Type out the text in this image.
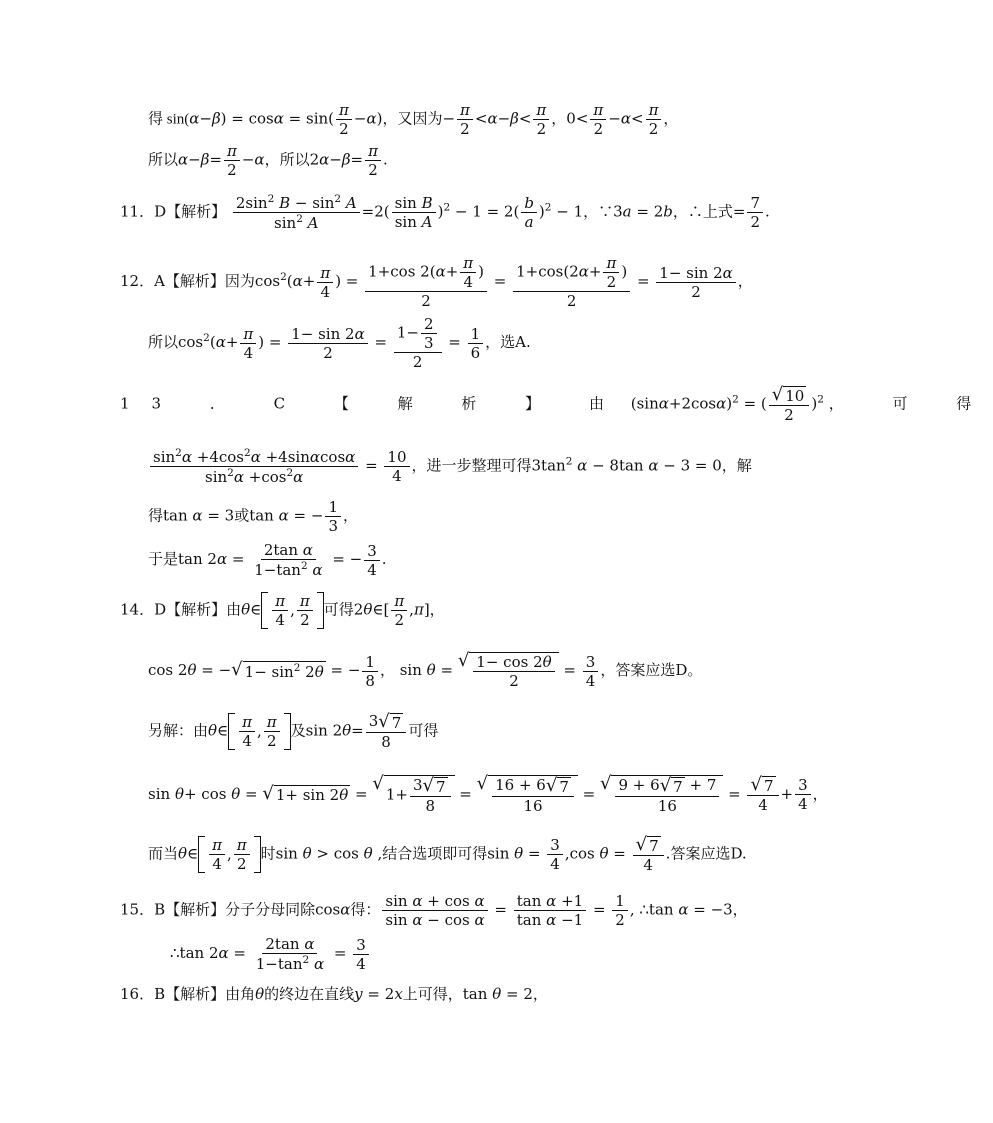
得 $\sin(\alpha-\beta) = \cos\alpha = \sin( \frac{\pi}{2} -\alpha)$，又因为− $\frac{\pi}{2} <\alpha-\beta< \frac{\pi}{2}$ ，$0< \frac{\pi}{2} -\alpha< \frac{\pi}{2}$ ，
所以$\alpha-\beta= \frac{\pi}{2} -\alpha$，所以$2\alpha-\beta= \frac{\pi}{2}$ .
11．D【解析】 $\frac{2\sin^2 B - \sin^2 A}{\sin^2 A} =2( \frac{\text{sin B}}{\text{sin A}} )^2 - 1 = 2( \frac{b}{a} )^2 - 1$，∵3a = 2b，∴上式= $\frac{7}{2}$ .
12．A【解析】因为$\cos^2(\alpha+ \frac{\pi}{4}$ ) = $\frac{1+\cos 2(\alpha+ \frac{\pi}{4} )}{2} = \frac{1+\cos(2\alpha+ \frac{\pi}{2} )}{2} = \frac{1- \sin 2\alpha}{2}$ ，
所以$\cos^2(\alpha+ \frac{\pi}{4}$ ) = $\frac{1- \sin 2\alpha}{2} = \frac{1- \frac{2}{3}}{2} = \frac{1}{6}$ ，选A.
13 ． C 【 解 析 】 由 $(\sin\alpha+2\cos\alpha)^2$ = (
√ $\frac{10}{2} )^2$ ， 可 得
$\frac{\sin^2\alpha +4\cos^2\alpha +4\sin\alpha\cos\alpha}{\sin^2\alpha +\cos^2\alpha} = \frac{10}{4}$ ，进一步整理可得$3\tan^2$ α − 8tan α − 3 = 0，解
得tan α = 3或tan α = − $\frac{1}{3}$ ，
于是$\tan 2\alpha = \frac{\text{2tan α}}{1-\tan^2 \alpha}$ = − $\frac{3}{4}$ .
14．D【解析】由θ∈ $\frac{\pi}{4}$ , $\frac{\pi}{2}$ 可得2θ∈[ $\frac{\pi}{2} ,\pi$]，
cos 2θ = −
√ $1- \sin^2 2\theta$ = − $\frac{1}{8}$ ， sin θ =
√ $\frac{1- \cos 2\theta}{2} = \frac{3}{4}$ ，答案应选D。
另解：由θ∈ $\frac{\pi}{4}$ , $\frac{\pi}{2}$ 及sin 2θ= 3
√ 7
8 可得
sin θ+ cos θ =
√ 1+ sin 2θ =
√ 1+ 3
√ 7
8 =
√ 16 + 6
√ 7
16 =
√ 9 + 6
√ 7 + 7
16 =
√ $\frac{7}{4} + \frac{3}{4}$ ，
而当θ∈ $\frac{\pi}{4}$ , $\frac{\pi}{2}$ 时sin θ > cos θ ,结合选项即可得$\sin \theta = \frac{3}{4} ,\cos$ θ =
√ $\frac{7}{4}$ .答案应选D.
15．B【解析】分子分母同除cosα得： $\frac{\text{sin α + cos α}}{\text{sin α − cos α}} = \frac{\text{tan α +1}}{\text{tan α −1}} = \frac{1}{2}$ , ∴tan α = −3，
∴tan $2\alpha = \frac{\text{2tan α}}{1-\tan^2 \alpha} = \frac{3}{4}$
16．B【解析】由角θ的终边在直线y = 2x上可得，tan θ = 2，
